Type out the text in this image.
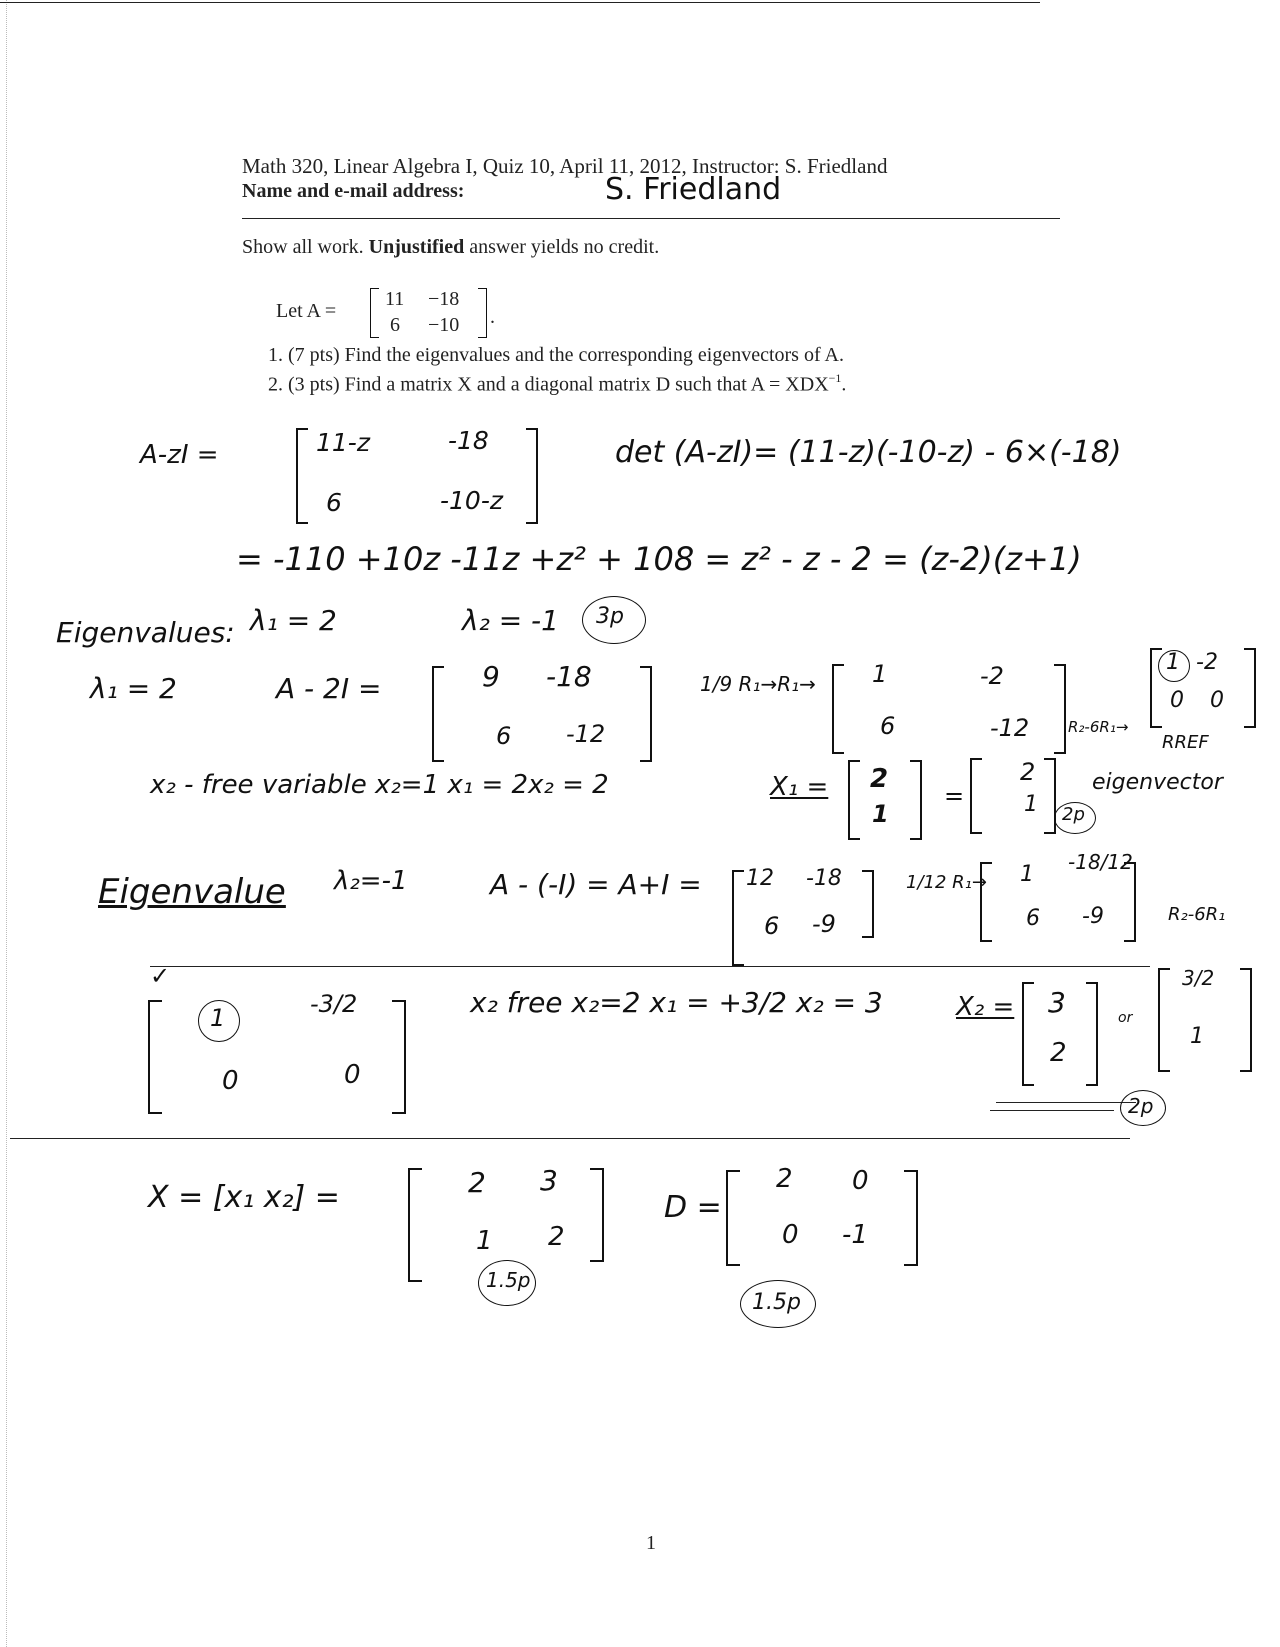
Math 320, Linear Algebra I, Quiz 10, April 11, 2012, Instructor: S. Friedland
Name and e-mail address:	S. Friedland
Show all work. Unjustified answer yields no credit.
Let A =
11 −18
6 −10 .
1. (7 pts) Find the eigenvalues and the corresponding eigenvectors of A.
2. (3 pts) Find a matrix X and a diagonal matrix D such that $A = XDX^{-1}$.
A-zI =	11-z	-18
6	-10-z
det (A-zI)= (11-z)(-10-z) - 6×(-18)
= -110 +10z -11z +z² + 108 = z² - z - 2 = (z-2)(z+1)
Eigenvalues: λ₁ = 2	λ₂ = -1 3p
λ₁ = 2	A - 2I =	9 -18
6 -12
1/9 R₁→R₁→ 1	-2
6	-12	R₂-6R₁→
1 -2
0 0
RREF
x₂ - free variable x₂=1 x₁ = 2x₂ = 2	X₁ = 2
1
=
2
1
eigenvector
2p
Eigenvalue λ₂=-1	A - (-I) = A+I = 12 -18
6 -9
1/12 R₁→ 1 -18/12
6 -9	R₂-6R₁
✓
1	-3/2
0	0
x₂ free x₂=2 x₁ = +3/2 x₂ = 3	X₂ = 3
2
or
3/2
1
2p
X = [x₁ x₂] =	2 3
1 2
1.5p
D =
2 0
0 -1
1.5p
1
